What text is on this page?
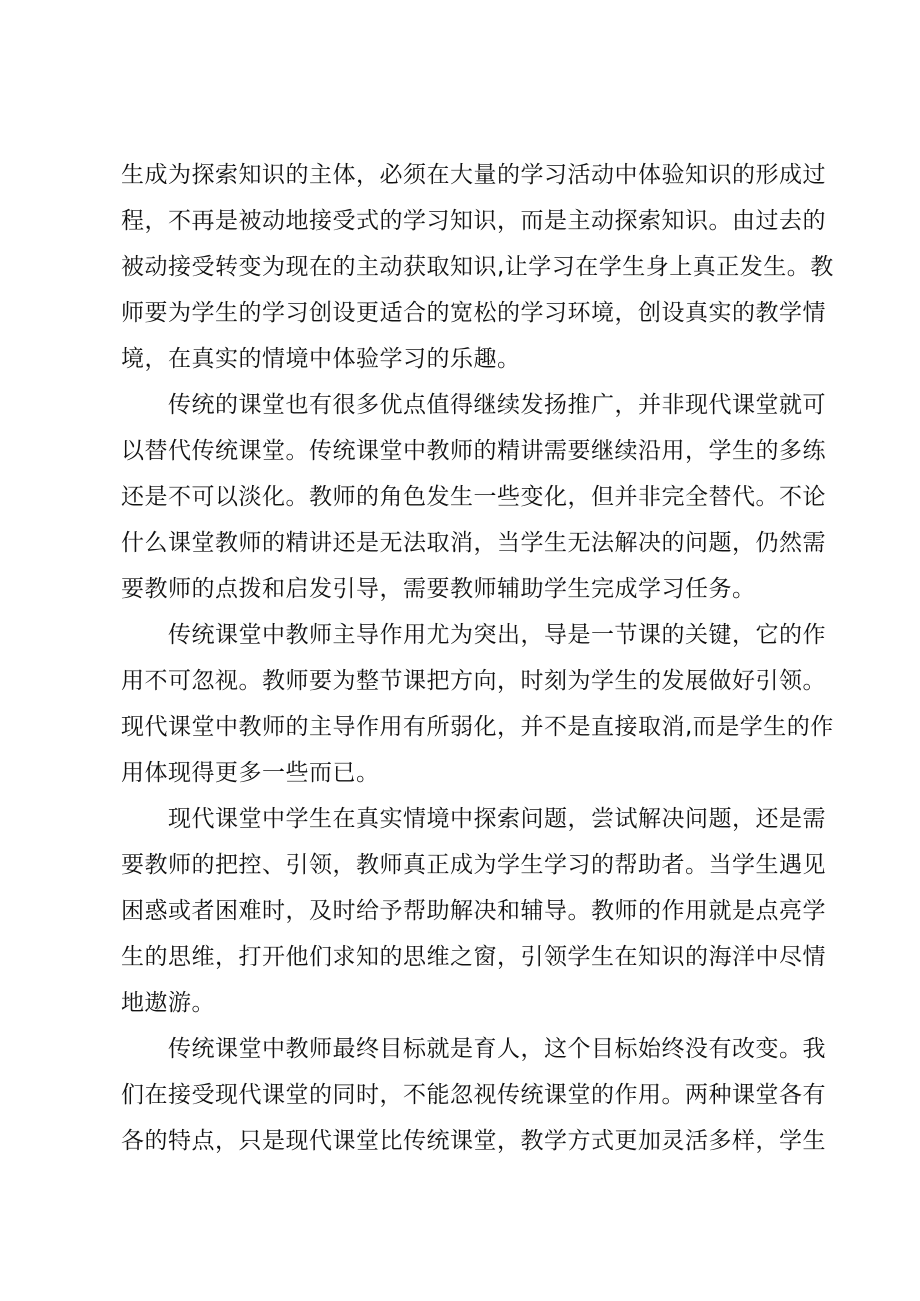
生成为探索知识的主体，必须在大量的学习活动中体验知识的形成过
程，不再是被动地接受式的学习知识，而是主动探索知识。由过去的
被动接受转变为现在的主动获取知识,让学习在学生身上真正发生。教
师要为学生的学习创设更适合的宽松的学习环境，创设真实的教学情
境，在真实的情境中体验学习的乐趣。
传统的课堂也有很多优点值得继续发扬推广，并非现代课堂就可
以替代传统课堂。传统课堂中教师的精讲需要继续沿用，学生的多练
还是不可以淡化。教师的角色发生一些变化，但并非完全替代。不论
什么课堂教师的精讲还是无法取消，当学生无法解决的问题，仍然需
要教师的点拨和启发引导，需要教师辅助学生完成学习任务。
传统课堂中教师主导作用尤为突出，导是一节课的关键，它的作
用不可忽视。教师要为整节课把方向，时刻为学生的发展做好引领。
现代课堂中教师的主导作用有所弱化，并不是直接取消,而是学生的作
用体现得更多一些而已。
现代课堂中学生在真实情境中探索问题，尝试解决问题，还是需
要教师的把控、引领，教师真正成为学生学习的帮助者。当学生遇见
困惑或者困难时，及时给予帮助解决和辅导。教师的作用就是点亮学
生的思维，打开他们求知的思维之窗，引领学生在知识的海洋中尽情
地遨游。
传统课堂中教师最终目标就是育人，这个目标始终没有改变。我
们在接受现代课堂的同时，不能忽视传统课堂的作用。两种课堂各有
各的特点，只是现代课堂比传统课堂，教学方式更加灵活多样，学生
